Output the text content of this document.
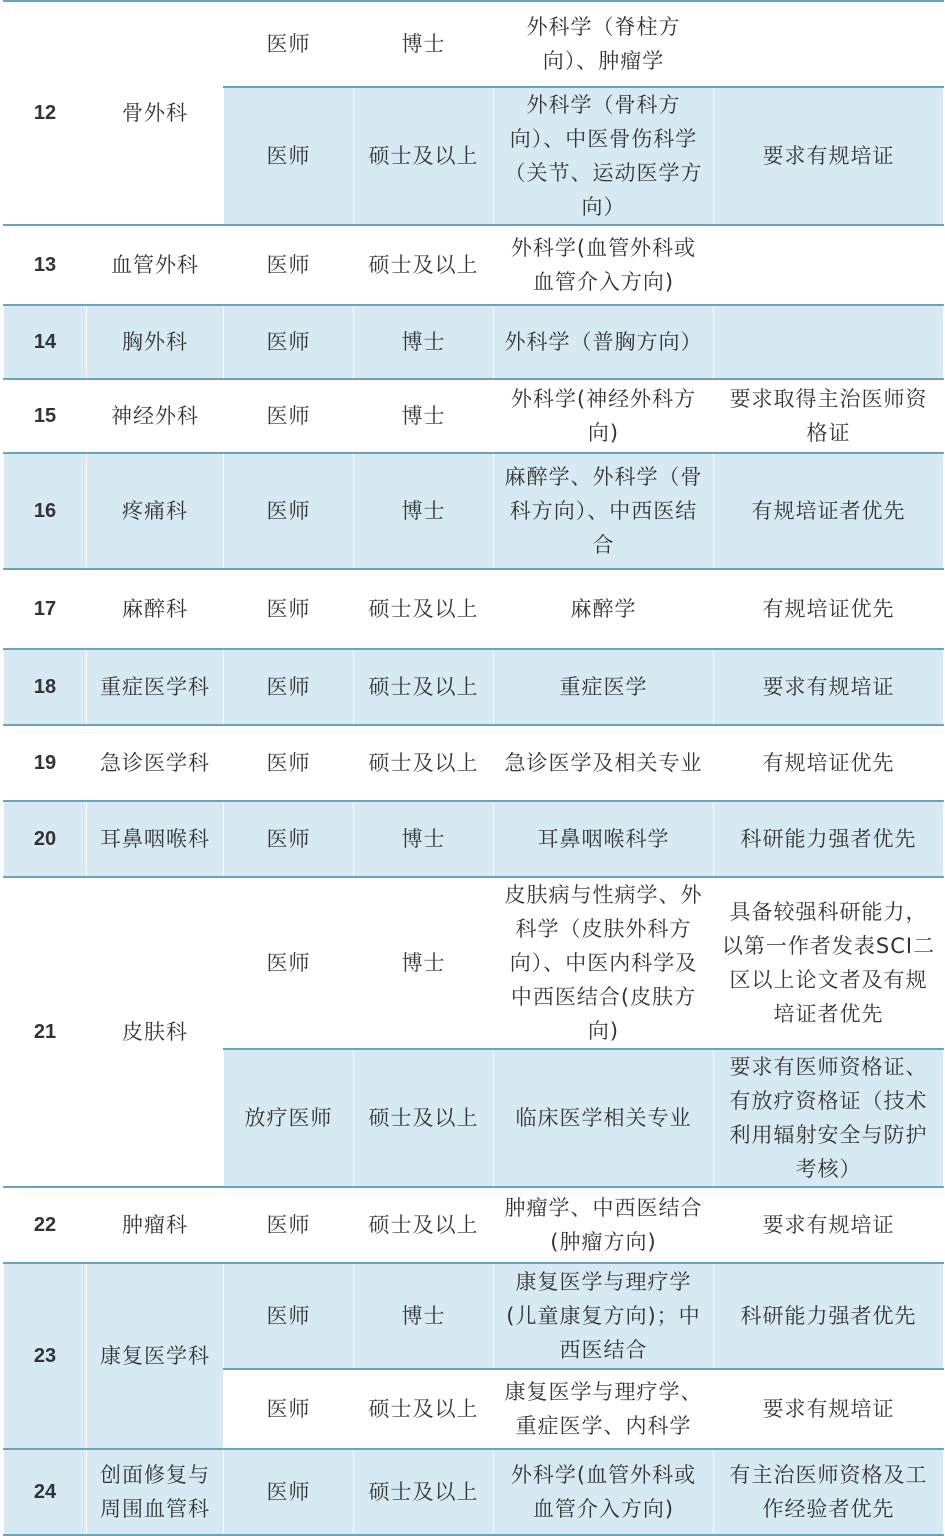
12	骨外科	医师	博士	外科学（脊柱方向）、肿瘤学	
		医师	硕士及以上	外科学（骨科方向）、中医骨伤科学（关节、运动医学方向）	要求有规培证
13	血管外科	医师	硕士及以上	外科学(血管外科或血管介入方向)	
14	胸外科	医师	博士	外科学（普胸方向）	
15	神经外科	医师	博士	外科学(神经外科方向)	要求取得主治医师资格证
16	疼痛科	医师	博士	麻醉学、外科学（骨科方向）、中西医结合	有规培证者优先
17	麻醉科	医师	硕士及以上	麻醉学	有规培证优先
18	重症医学科	医师	硕士及以上	重症医学	要求有规培证
19	急诊医学科	医师	硕士及以上	急诊医学及相关专业	有规培证优先
20	耳鼻咽喉科	医师	博士	耳鼻咽喉科学	科研能力强者优先
21	皮肤科	医师	博士	皮肤病与性病学、外科学（皮肤外科方向）、中医内科学及中西医结合(皮肤方向)	具备较强科研能力，以第一作者发表SCI二区以上论文者及有规培证者优先
		放疗医师	硕士及以上	临床医学相关专业	要求有医师资格证、有放疗资格证（技术利用辐射安全与防护考核）
22	肿瘤科	医师	硕士及以上	肿瘤学、中西医结合(肿瘤方向)	要求有规培证
23	康复医学科	医师	博士	康复医学与理疗学(儿童康复方向)；中西医结合	科研能力强者优先
		医师	硕士及以上	康复医学与理疗学、重症医学、内科学	要求有规培证
24	创面修复与周围血管科	医师	硕士及以上	外科学(血管外科或血管介入方向)	有主治医师资格及工作经验者优先
